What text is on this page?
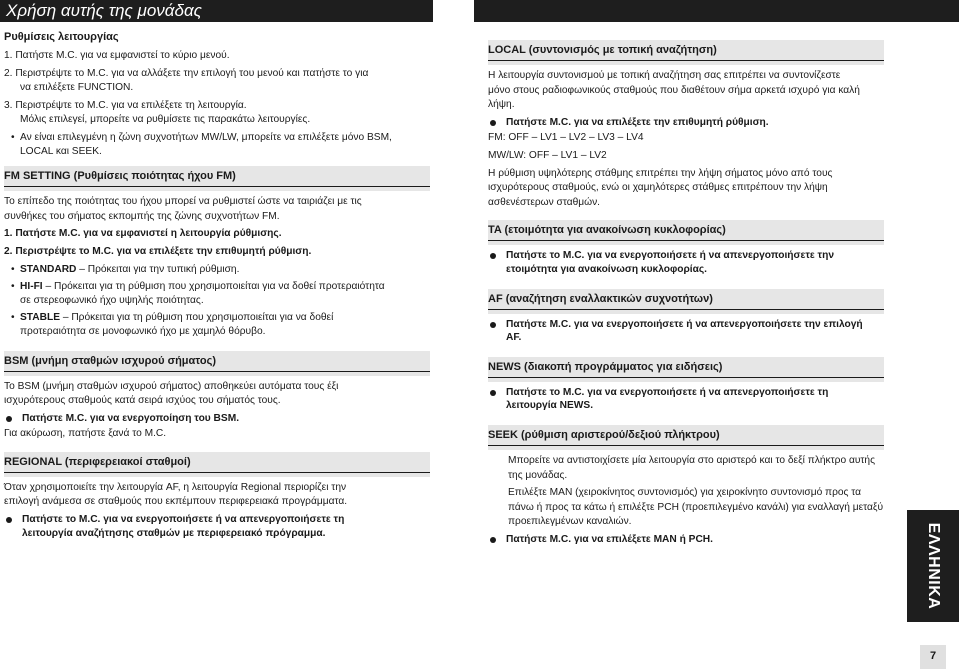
Χρήση αυτής της μονάδας
Ρυθμίσεις λειτουργίας
1. Πατήστε M.C. για να εμφανιστεί το κύριο μενού.
2. Περιστρέψτε το M.C. για να αλλάξετε την επιλογή του μενού και πατήστε το για
να επιλέξετε FUNCTION.
3. Περιστρέψτε το M.C. για να επιλέξετε τη λειτουργία.
Μόλις επιλεγεί, μπορείτε να ρυθμίσετε τις παρακάτω λειτουργίες.
• Αν είναι επιλεγμένη η ζώνη συχνοτήτων MW/LW, μπορείτε να επιλέξετε μόνο BSM,
LOCAL και SEEK.
FM SETTING (Ρυθμίσεις ποιότητας ήχου FM)
Το επίπεδο της ποιότητας του ήχου μπορεί να ρυθμιστεί ώστε να ταιριάζει με τις
συνθήκες του σήματος εκπομπής της ζώνης συχνοτήτων FM.
1. Πατήστε M.C. για να εμφανιστεί η λειτουργία ρύθμισης.
2. Περιστρέψτε το M.C. για να επιλέξετε την επιθυμητή ρύθμιση.
• STANDARD – Πρόκειται για την τυπική ρύθμιση.
• HI-FI – Πρόκειται για τη ρύθμιση που χρησιμοποιείται για να δοθεί προτεραιότητα
σε στερεοφωνικό ήχο υψηλής ποιότητας.
• STABLE – Πρόκειται για τη ρύθμιση που χρησιμοποιείται για να δοθεί
προτεραιότητα σε μονοφωνικό ήχο με χαμηλό θόρυβο.
BSM (μνήμη σταθμών ισχυρού σήματος)
Το BSM (μνήμη σταθμών ισχυρού σήματος) αποθηκεύει αυτόματα τους έξι
ισχυρότερους σταθμούς κατά σειρά ισχύος του σήματός τους.
Πατήστε M.C. για να ενεργοποίηση του BSM.
Για ακύρωση, πατήστε ξανά το M.C.
REGIONAL (περιφερειακοί σταθμοί)
Όταν χρησιμοποιείτε την λειτουργία AF, η λειτουργία Regional περιορίζει την
επιλογή ανάμεσα σε σταθμούς που εκπέμπουν περιφερειακά προγράμματα.
Πατήστε το M.C. για να ενεργοποιήσετε ή να απενεργοποιήσετε τη
λειτουργία αναζήτησης σταθμών με περιφερειακό πρόγραμμα.
LOCAL (συντονισμός με τοπική αναζήτηση)
Η λειτουργία συντονισμού με τοπική αναζήτηση σας επιτρέπει να συντονίζεστε
μόνο στους ραδιοφωνικούς σταθμούς που διαθέτουν σήμα αρκετά ισχυρό για καλή
λήψη.
Πατήστε M.C. για να επιλέξετε την επιθυμητή ρύθμιση.
FM: OFF – LV1 – LV2 – LV3 – LV4
MW/LW: OFF – LV1 – LV2
Η ρύθμιση υψηλότερης στάθμης επιτρέπει την λήψη σήματος μόνο από τους
ισχυρότερους σταθμούς, ενώ οι χαμηλότερες στάθμες επιτρέπουν την λήψη
ασθενέστερων σταθμών.
TA (ετοιμότητα για ανακοίνωση κυκλοφορίας)
Πατήστε το M.C. για να ενεργοποιήσετε ή να απενεργοποιήσετε την
ετοιμότητα για ανακοίνωση κυκλοφορίας.
AF (αναζήτηση εναλλακτικών συχνοτήτων)
Πατήστε M.C. για να ενεργοποιήσετε ή να απενεργοποιήσετε την επιλογή
AF.
NEWS (διακοπή προγράμματος για ειδήσεις)
Πατήστε το M.C. για να ενεργοποιήσετε ή να απενεργοποιήσετε τη
λειτουργία NEWS.
SEEK (ρύθμιση αριστερού/δεξιού πλήκτρου)
Μπορείτε να αντιστοιχίσετε μία λειτουργία στο αριστερό και το δεξί πλήκτρο αυτής
της μονάδας.
Επιλέξτε MAN (χειροκίνητος συντονισμός) για χειροκίνητο συντονισμό προς τα
πάνω ή προς τα κάτω ή επιλέξτε PCH (προεπιλεγμένο κανάλι) για εναλλαγή μεταξύ
προεπιλεγμένων καναλιών.
Πατήστε M.C. για να επιλέξετε MAN ή PCH.	ΕΛΛΗΝΙΚΑ
7
